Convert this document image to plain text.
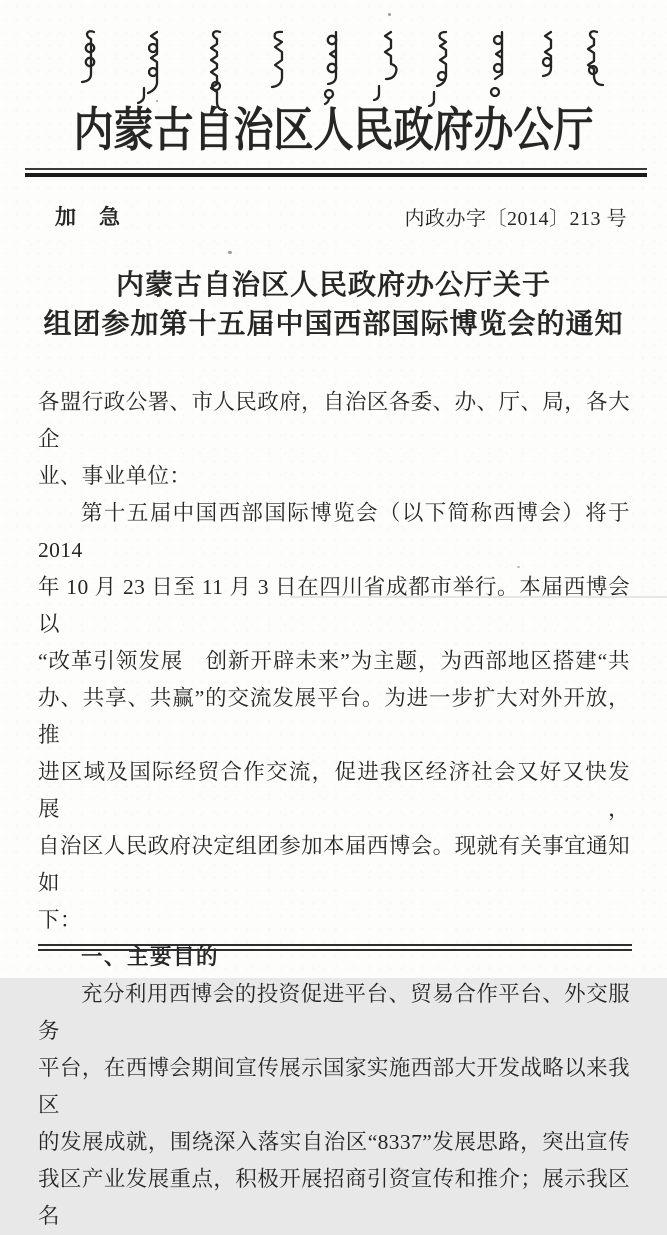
内蒙古自治区人民政府办公厅
加　急	内政办字〔2014〕213 号
内蒙古自治区人民政府办公厅关于
组团参加第十五届中国西部国际博览会的通知
各盟行政公署、市人民政府，自治区各委、办、厅、局，各大企
业、事业单位：
第十五届中国西部国际博览会（以下简称西博会）将于 2014
年 10 月 23 日至 11 月 3 日在四川省成都市举行。本届西博会以
“改革引领发展　创新开辟未来”为主题，为西部地区搭建“共
办、共享、共赢”的交流发展平台。为进一步扩大对外开放，推
进区域及国际经贸合作交流，促进我区经济社会又好又快发展，
自治区人民政府决定组团参加本届西博会。现就有关事宜通知如
下：
一、主要目的
充分利用西博会的投资促进平台、贸易合作平台、外交服务
平台，在西博会期间宣传展示国家实施西部大开发战略以来我区
的发展成就，围绕深入落实自治区“8337”发展思路，突出宣传
我区产业发展重点，积极开展招商引资宣传和推介；展示我区名
